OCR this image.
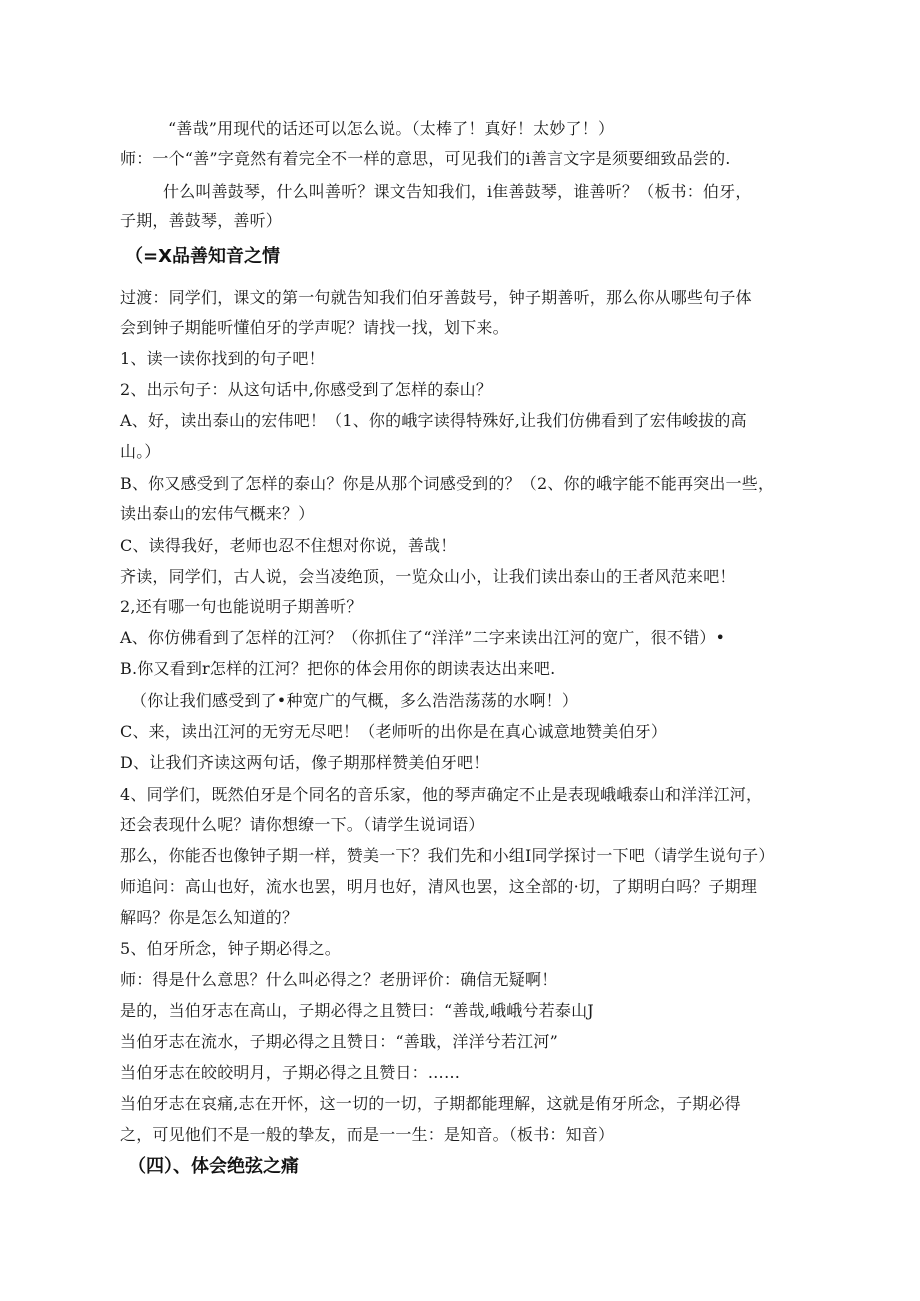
“善哉”用现代的话还可以怎么说。（太棒了！真好！太妙了！）
师：一个“善”字竟然有着完全不一样的意思，可见我们的i善言文字是须要细致品尝的.
什么叫善鼓琴，什么叫善听？课文告知我们，i隹善鼓琴，谁善听？（板书：伯牙，
子期，善鼓琴，善听）
（=X品善知音之情
过渡：同学们，课文的第一句就告知我们伯牙善鼓号，钟子期善听，那么你从哪些句子体
会到钟子期能听懂伯牙的学声呢？请找一找，划下来。
1、读一读你找到的句子吧！
2、出示句子：从这句话中,你感受到了怎样的泰山？
A、好，读出泰山的宏伟吧！（1、你的峨字读得特殊好,让我们仿佛看到了宏伟峻拔的高
山。）
B、你又感受到了怎样的泰山？你是从那个词感受到的？（2、你的峨字能不能再突出一些，
读出泰山的宏伟气概来？）
C、读得我好，老师也忍不住想对你说，善哉！
齐读，同学们，古人说，会当凌绝顶，一览众山小，让我们读出泰山的王者风范来吧！
2,还有哪一句也能说明子期善听？
A、你仿佛看到了怎样的江河？（你抓住了“洋洋”二字来读出江河的宽广，很不错）•
B.你又看到r怎样的江河？把你的体会用你的朗读表达出来吧.
（你让我们感受到了•种宽广的气概，多么浩浩荡荡的水啊！）
C、来，读出江河的无穷无尽吧！（老师听的出你是在真心诚意地赞美伯牙）
D、让我们齐读这两句话，像子期那样赞美伯牙吧！
4、同学们，既然伯牙是个同名的音乐家，他的琴声确定不止是表现峨峨泰山和洋洋江河，
还会表现什么呢？请你想缭一下。（请学生说词语）
那么，你能否也像钟子期一样，赞美一下？我们先和小组I同学探讨一下吧（请学生说句子）
师追问：高山也好，流水也罢，明月也好，清风也罢，这全部的·切，了期明白吗？子期理
解吗？你是怎么知道的？
5、伯牙所念，钟子期必得之。
师：得是什么意思？什么叫必得之？老册评价：确信无疑啊！
是的，当伯牙志在高山，子期必得之且赞曰：“善哉,峨峨兮若泰山J
当伯牙志在流水，子期必得之且赞日：“善戢，洋洋兮若江河”
当伯牙志在皎皎明月，子期必得之且赞日：……
当伯牙志在哀痛,志在开怀，这一切的一切，子期都能理解，这就是侑牙所念，子期必得
之，可见他们不是一般的挚友，而是一一生：是知音。（板书：知音）
（四）、体会绝弦之痛
